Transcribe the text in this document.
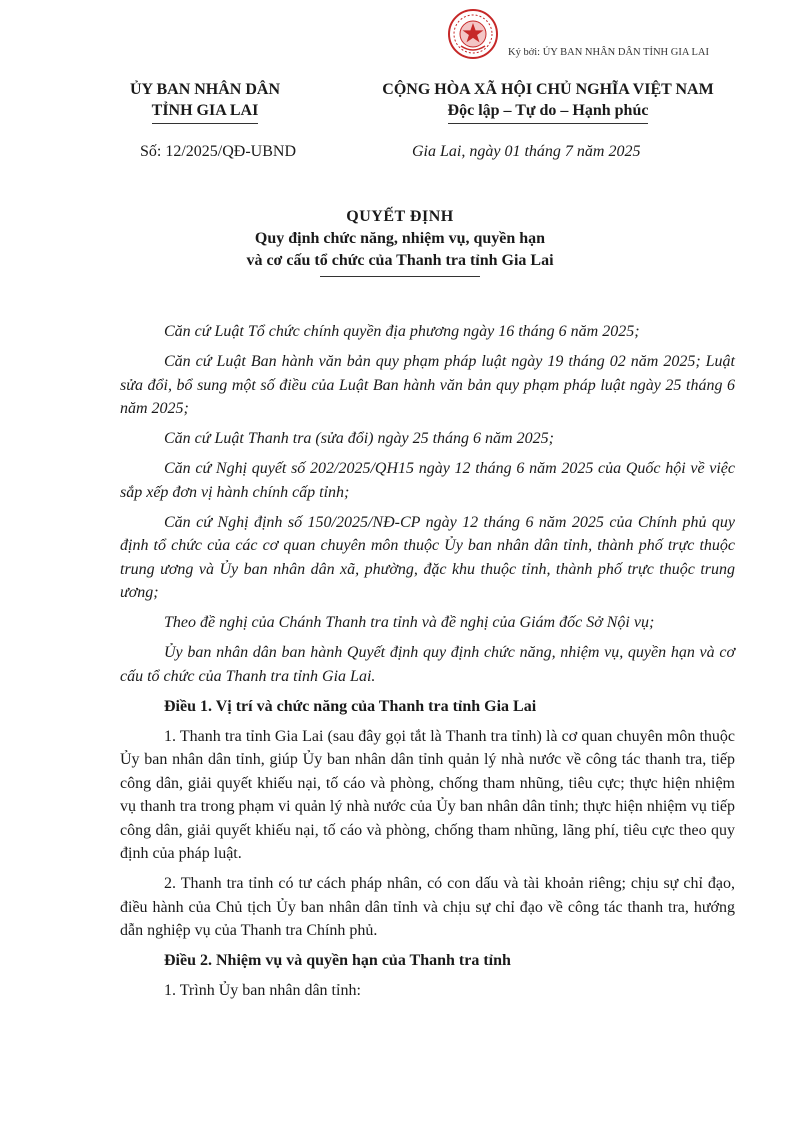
Ký bởi: ỦY BAN NHÂN DÂN TỈNH GIA LAI
ỦY BAN NHÂN DÂN
TỈNH GIA LAI
CỘNG HÒA XÃ HỘI CHỦ NGHĨA VIỆT NAM
Độc lập – Tự do – Hạnh phúc
Số: 12/2025/QĐ-UBND	Gia Lai, ngày 01 tháng 7 năm 2025
QUYẾT ĐỊNH
Quy định chức năng, nhiệm vụ, quyền hạn
và cơ cấu tổ chức của Thanh tra tỉnh Gia Lai

Căn cứ Luật Tổ chức chính quyền địa phương ngày 16 tháng 6 năm 2025;

Căn cứ Luật Ban hành văn bản quy phạm pháp luật ngày 19 tháng 02 năm 2025; Luật sửa đổi, bổ sung một số điều của Luật Ban hành văn bản quy phạm pháp luật ngày 25 tháng 6 năm 2025;

Căn cứ Luật Thanh tra (sửa đổi) ngày 25 tháng 6 năm 2025;

Căn cứ Nghị quyết số 202/2025/QH15 ngày 12 tháng 6 năm 2025 của Quốc hội về việc sắp xếp đơn vị hành chính cấp tỉnh;

Căn cứ Nghị định số 150/2025/NĐ-CP ngày 12 tháng 6 năm 2025 của Chính phủ quy định tổ chức của các cơ quan chuyên môn thuộc Ủy ban nhân dân tỉnh, thành phố trực thuộc trung ương và Ủy ban nhân dân xã, phường, đặc khu thuộc tỉnh, thành phố trực thuộc trung ương;

Theo đề nghị của Chánh Thanh tra tỉnh và đề nghị của Giám đốc Sở Nội vụ;

Ủy ban nhân dân ban hành Quyết định quy định chức năng, nhiệm vụ, quyền hạn và cơ cấu tổ chức của Thanh tra tỉnh Gia Lai.

Điều 1. Vị trí và chức năng của Thanh tra tỉnh Gia Lai

1. Thanh tra tỉnh Gia Lai (sau đây gọi tắt là Thanh tra tỉnh) là cơ quan chuyên môn thuộc Ủy ban nhân dân tỉnh, giúp Ủy ban nhân dân tỉnh quản lý nhà nước về công tác thanh tra, tiếp công dân, giải quyết khiếu nại, tố cáo và phòng, chống tham nhũng, tiêu cực; thực hiện nhiệm vụ thanh tra trong phạm vi quản lý nhà nước của Ủy ban nhân dân tỉnh; thực hiện nhiệm vụ tiếp công dân, giải quyết khiếu nại, tố cáo và phòng, chống tham nhũng, lãng phí, tiêu cực theo quy định của pháp luật.

2. Thanh tra tỉnh có tư cách pháp nhân, có con dấu và tài khoản riêng; chịu sự chỉ đạo, điều hành của Chủ tịch Ủy ban nhân dân tỉnh và chịu sự chỉ đạo về công tác thanh tra, hướng dẫn nghiệp vụ của Thanh tra Chính phủ.

Điều 2. Nhiệm vụ và quyền hạn của Thanh tra tỉnh

1. Trình Ủy ban nhân dân tỉnh:
